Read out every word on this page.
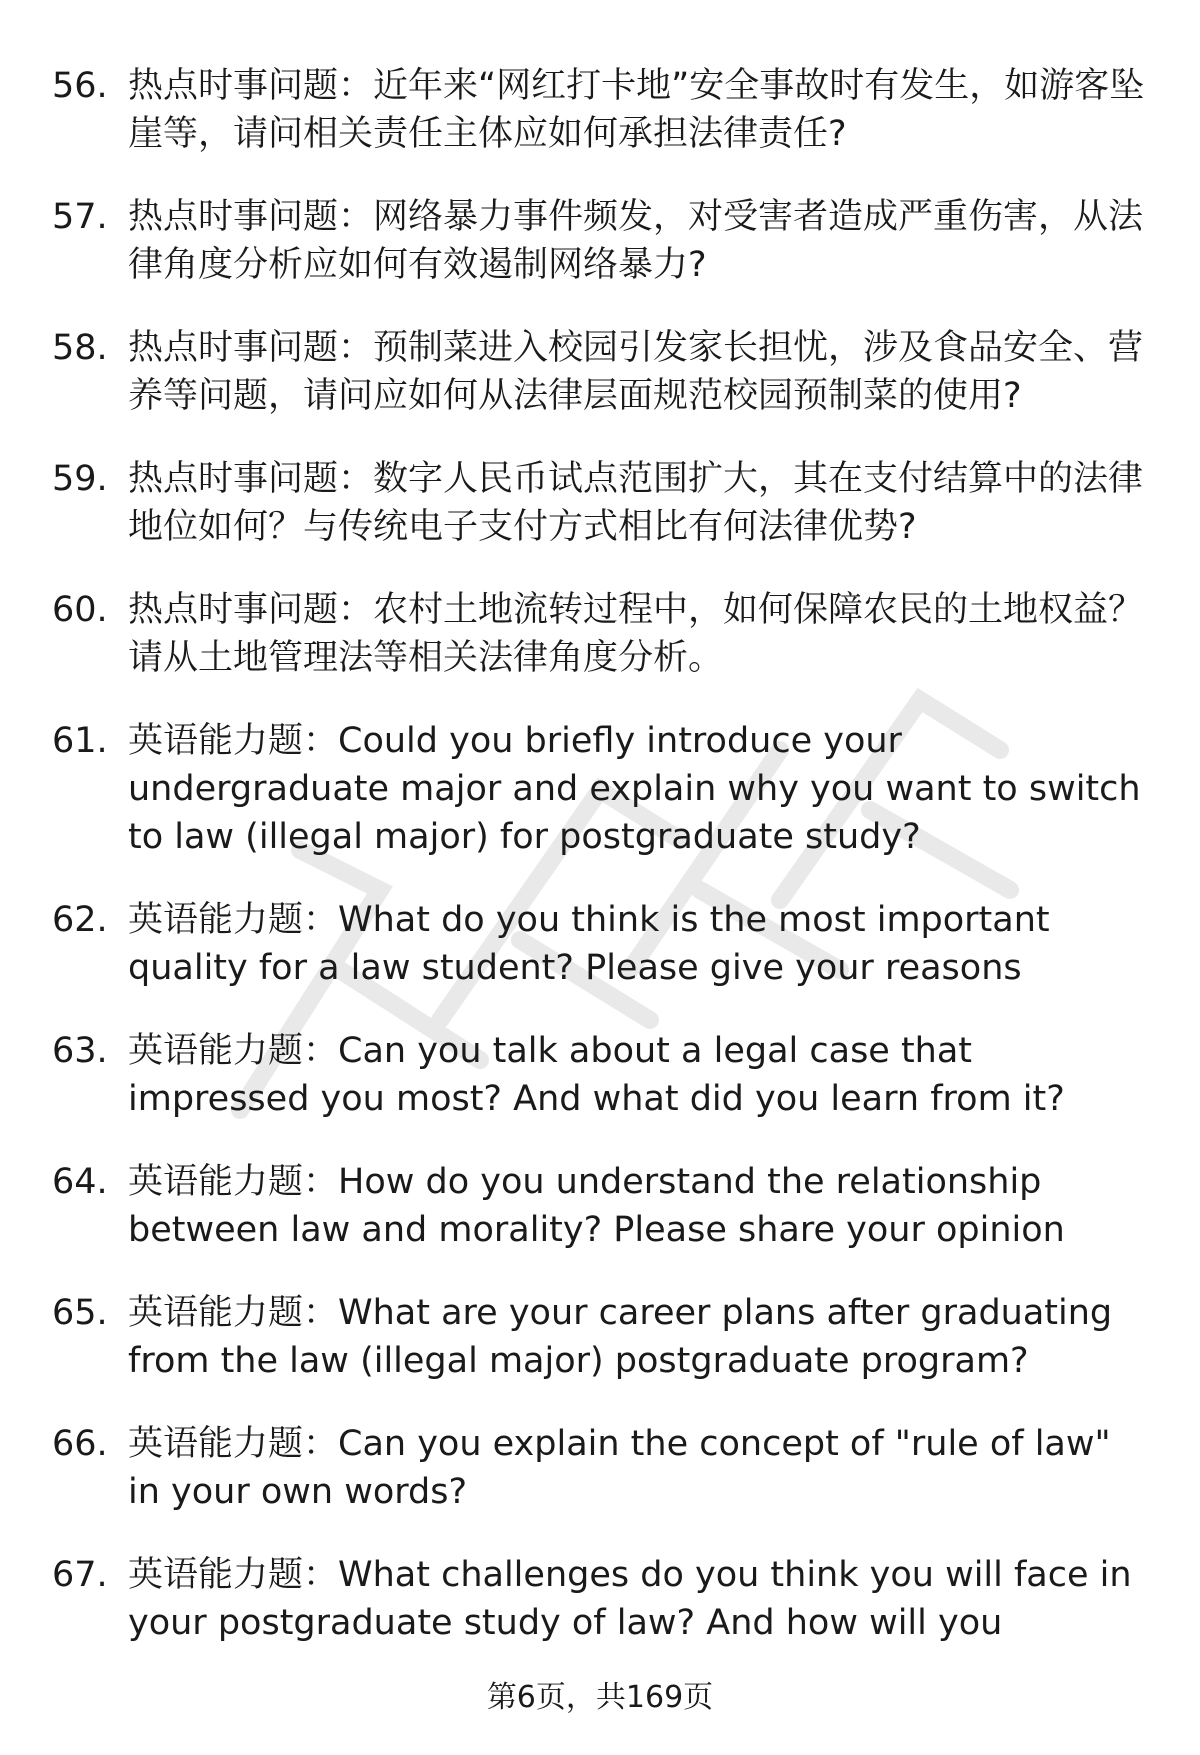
56. 热点时事问题：近年来“网红打卡地”安全事故时有发生，如游客坠崖等，请问相关责任主体应如何承担法律责任?
57. 热点时事问题：网络暴力事件频发，对受害者造成严重伤害，从法律角度分析应如何有效遏制网络暴力?
58. 热点时事问题：预制菜进入校园引发家长担忧，涉及食品安全、营养等问题，请问应如何从法律层面规范校园预制菜的使用?
59. 热点时事问题：数字人民币试点范围扩大，其在支付结算中的法律地位如何？与传统电子支付方式相比有何法律优势?
60. 热点时事问题：农村土地流转过程中，如何保障农民的土地权益？请从土地管理法等相关法律角度分析。
61. 英语能力题：Could you briefly introduce your undergraduate major and explain why you want to switch to law (illegal major) for postgraduate study?
62. 英语能力题：What do you think is the most important quality for a law student? Please give your reasons
63. 英语能力题：Can you talk about a legal case that impressed you most? And what did you learn from it?
64. 英语能力题：How do you understand the relationship between law and morality? Please share your opinion
65. 英语能力题：What are your career plans after graduating from the law (illegal major) postgraduate program?
66. 英语能力题：Can you explain the concept of "rule of law" in your own words?
67. 英语能力题：What challenges do you think you will face in your postgraduate study of law? And how will you
第6页，共169页
